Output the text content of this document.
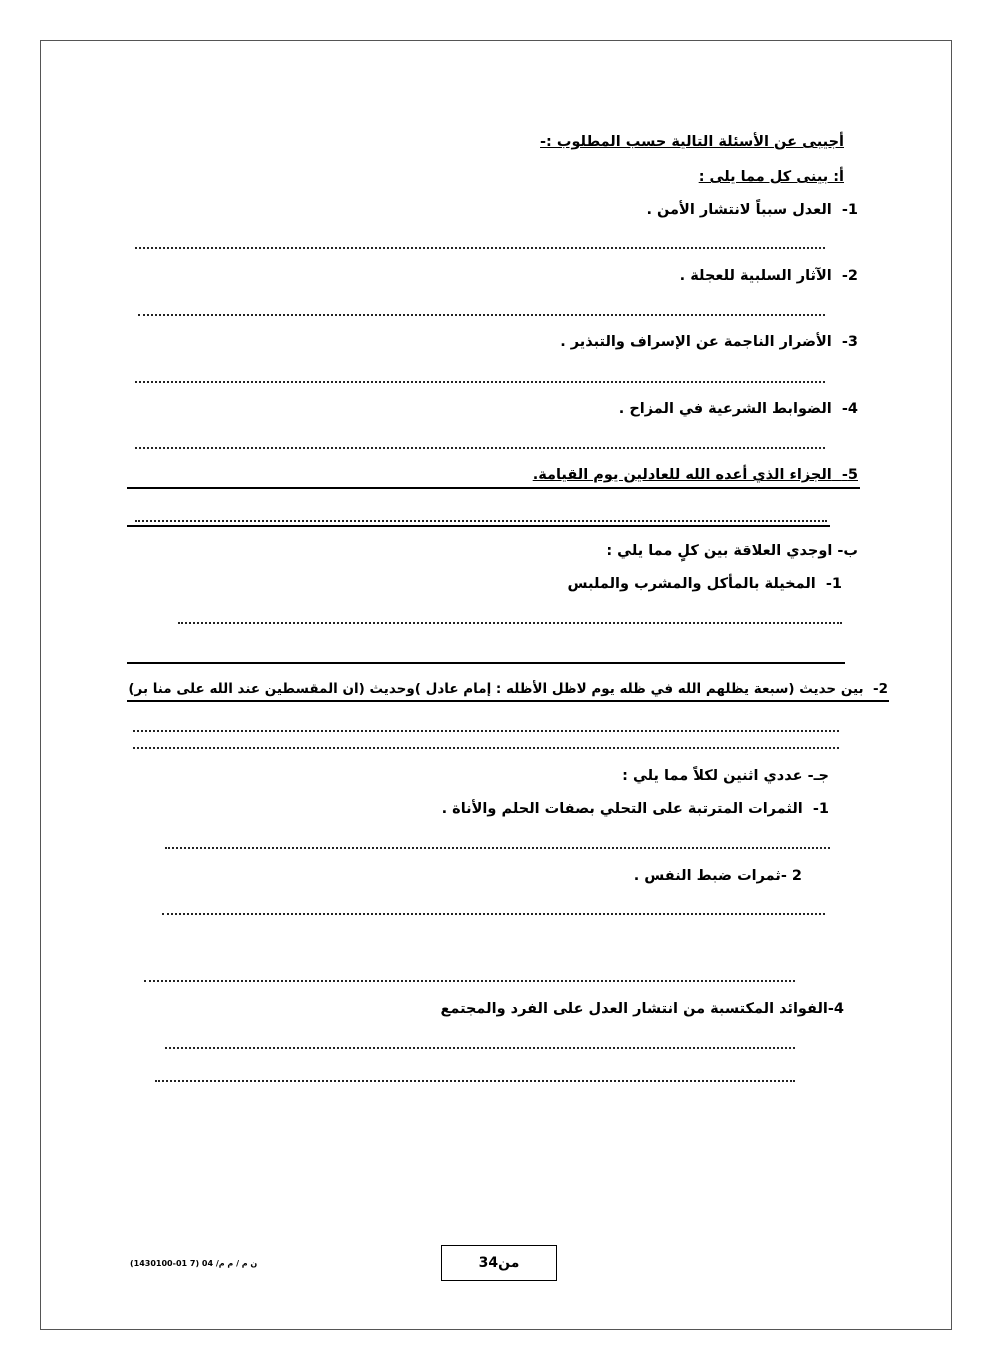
أجيبى عن الأسئلة التالية حسب المطلوب :-
أ: بينى كل مما يلى :
1-  العدل سبباً لانتشار الأمن .
2-  الآثار السلبية للعجلة .
3-  الأضرار الناجمة عن الإسراف والتبذير .
4-  الضوابط الشرعية في المزاح .
5-  الجزاء الذي أعده الله للعادلين يوم القيامة.
ب- اوجدي العلاقة بين كلٍ مما يلي :
1-  المخيلة بالمأكل والمشرب والملبس
2-  بين حديث (سبعة يظلهم الله في ظله يوم لاظل الأظله : إمام عادل )وحديث (ان المقسطين عند الله على منا بر)
جـ- عددي اثنين لكلاً مما يلي :
1-  الثمرات المترتبة على التحلي بصفات الحلم والأناة .
2 -ثمرات ضبط النفس .
4-الفوائد المكتسبة من انتشار العدل على الفرد والمجتمع
3من4
ن م / م م/ 04 (7 01-1430100)
